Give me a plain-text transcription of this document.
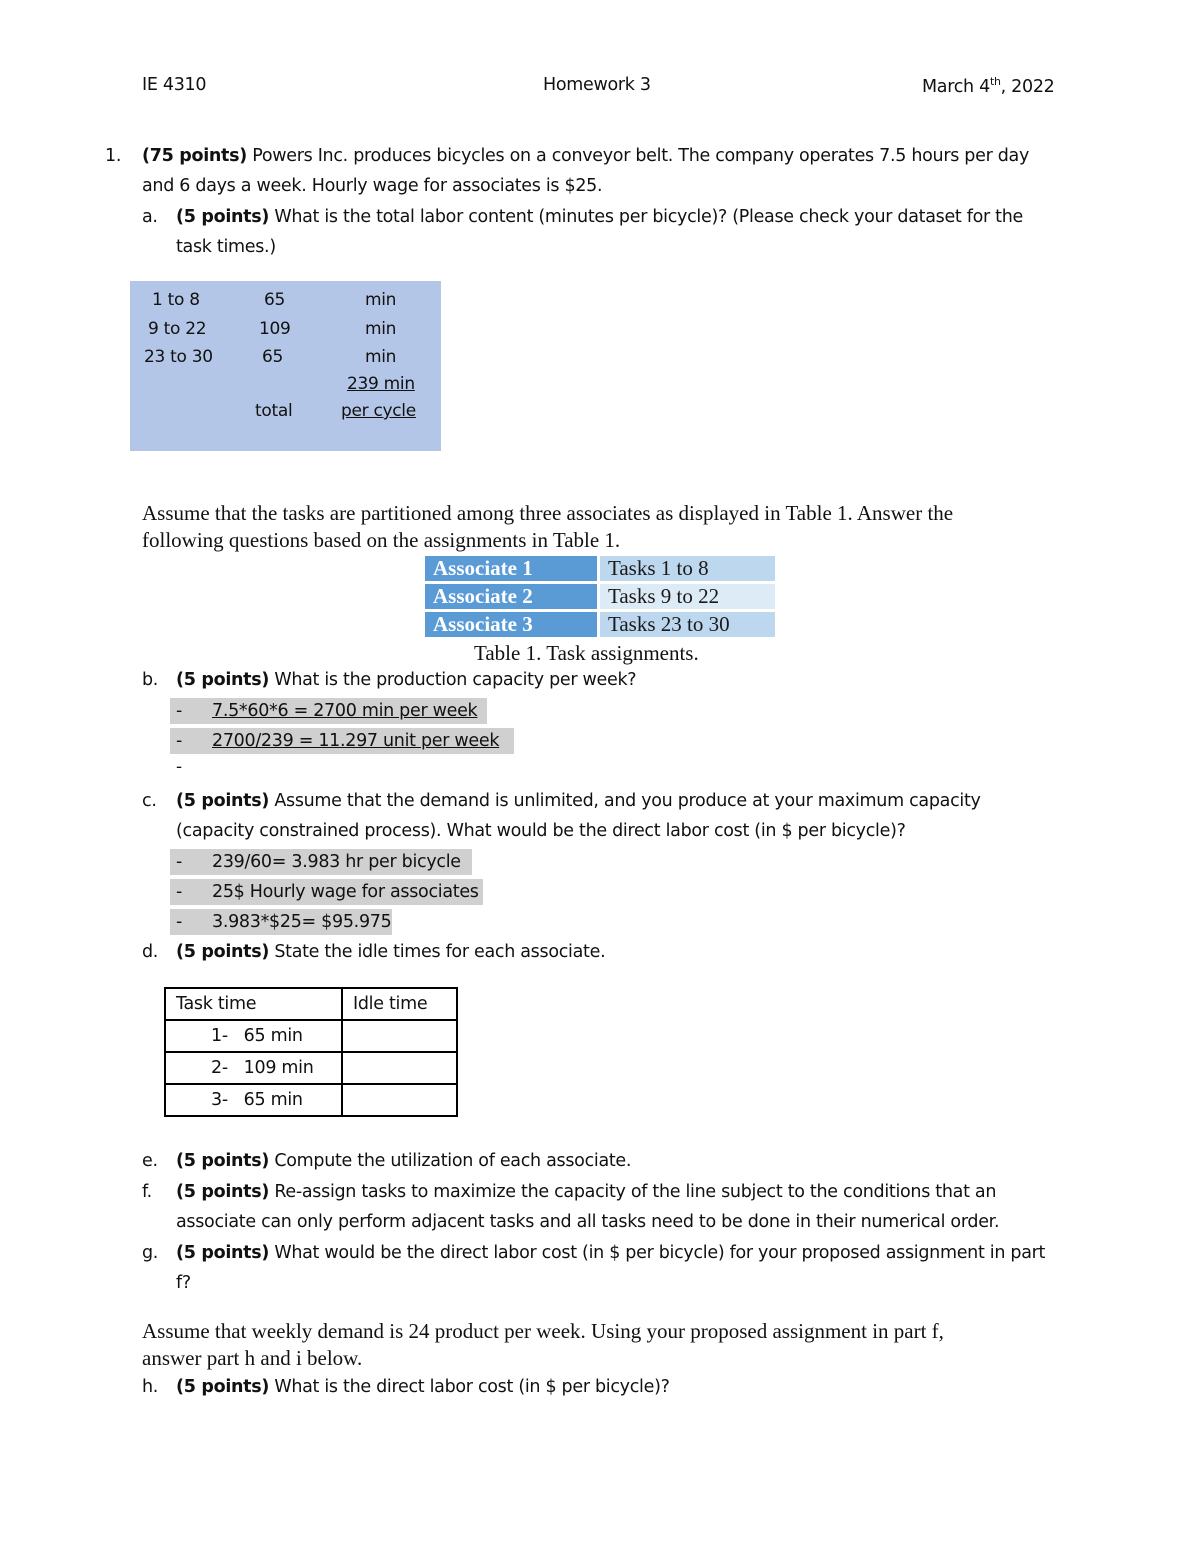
IE 4310	Homework 3	March 4th, 2022
1. (75 points) Powers Inc. produces bicycles on a conveyor belt. The company operates 7.5 hours per day
and 6 days a week. Hourly wage for associates is $25.
a. (5 points) What is the total labor content (minutes per bicycle)? (Please check your dataset for the
task times.)
1 to 8	65	min
9 to 22	109	min
23 to 30	65	min
239 min
total	per cycle
Assume that the tasks are partitioned among three associates as displayed in Table 1. Answer the
following questions based on the assignments in Table 1.
Associate 1	Tasks 1 to 8
Associate 2	Tasks 9 to 22
Associate 3	Tasks 23 to 30
Table 1. Task assignments.
b. (5 points) What is the production capacity per week?
- 7.5*60*6 = 2700 min per week
- 2700/239 = 11.297 unit per week
-
c. (5 points) Assume that the demand is unlimited, and you produce at your maximum capacity
(capacity constrained process). What would be the direct labor cost (in $ per bicycle)?
- 239/60= 3.983 hr per bicycle
- 25$ Hourly wage for associates
- 3.983*$25= $95.975
d. (5 points) State the idle times for each associate.
Task time	Idle time
1- 65 min	
2- 109 min	
3- 65 min	
e. (5 points) Compute the utilization of each associate.
f. (5 points) Re-assign tasks to maximize the capacity of the line subject to the conditions that an
associate can only perform adjacent tasks and all tasks need to be done in their numerical order.
g. (5 points) What would be the direct labor cost (in $ per bicycle) for your proposed assignment in part
f?
Assume that weekly demand is 24 product per week. Using your proposed assignment in part f,
answer part h and i below.
h. (5 points) What is the direct labor cost (in $ per bicycle)?
